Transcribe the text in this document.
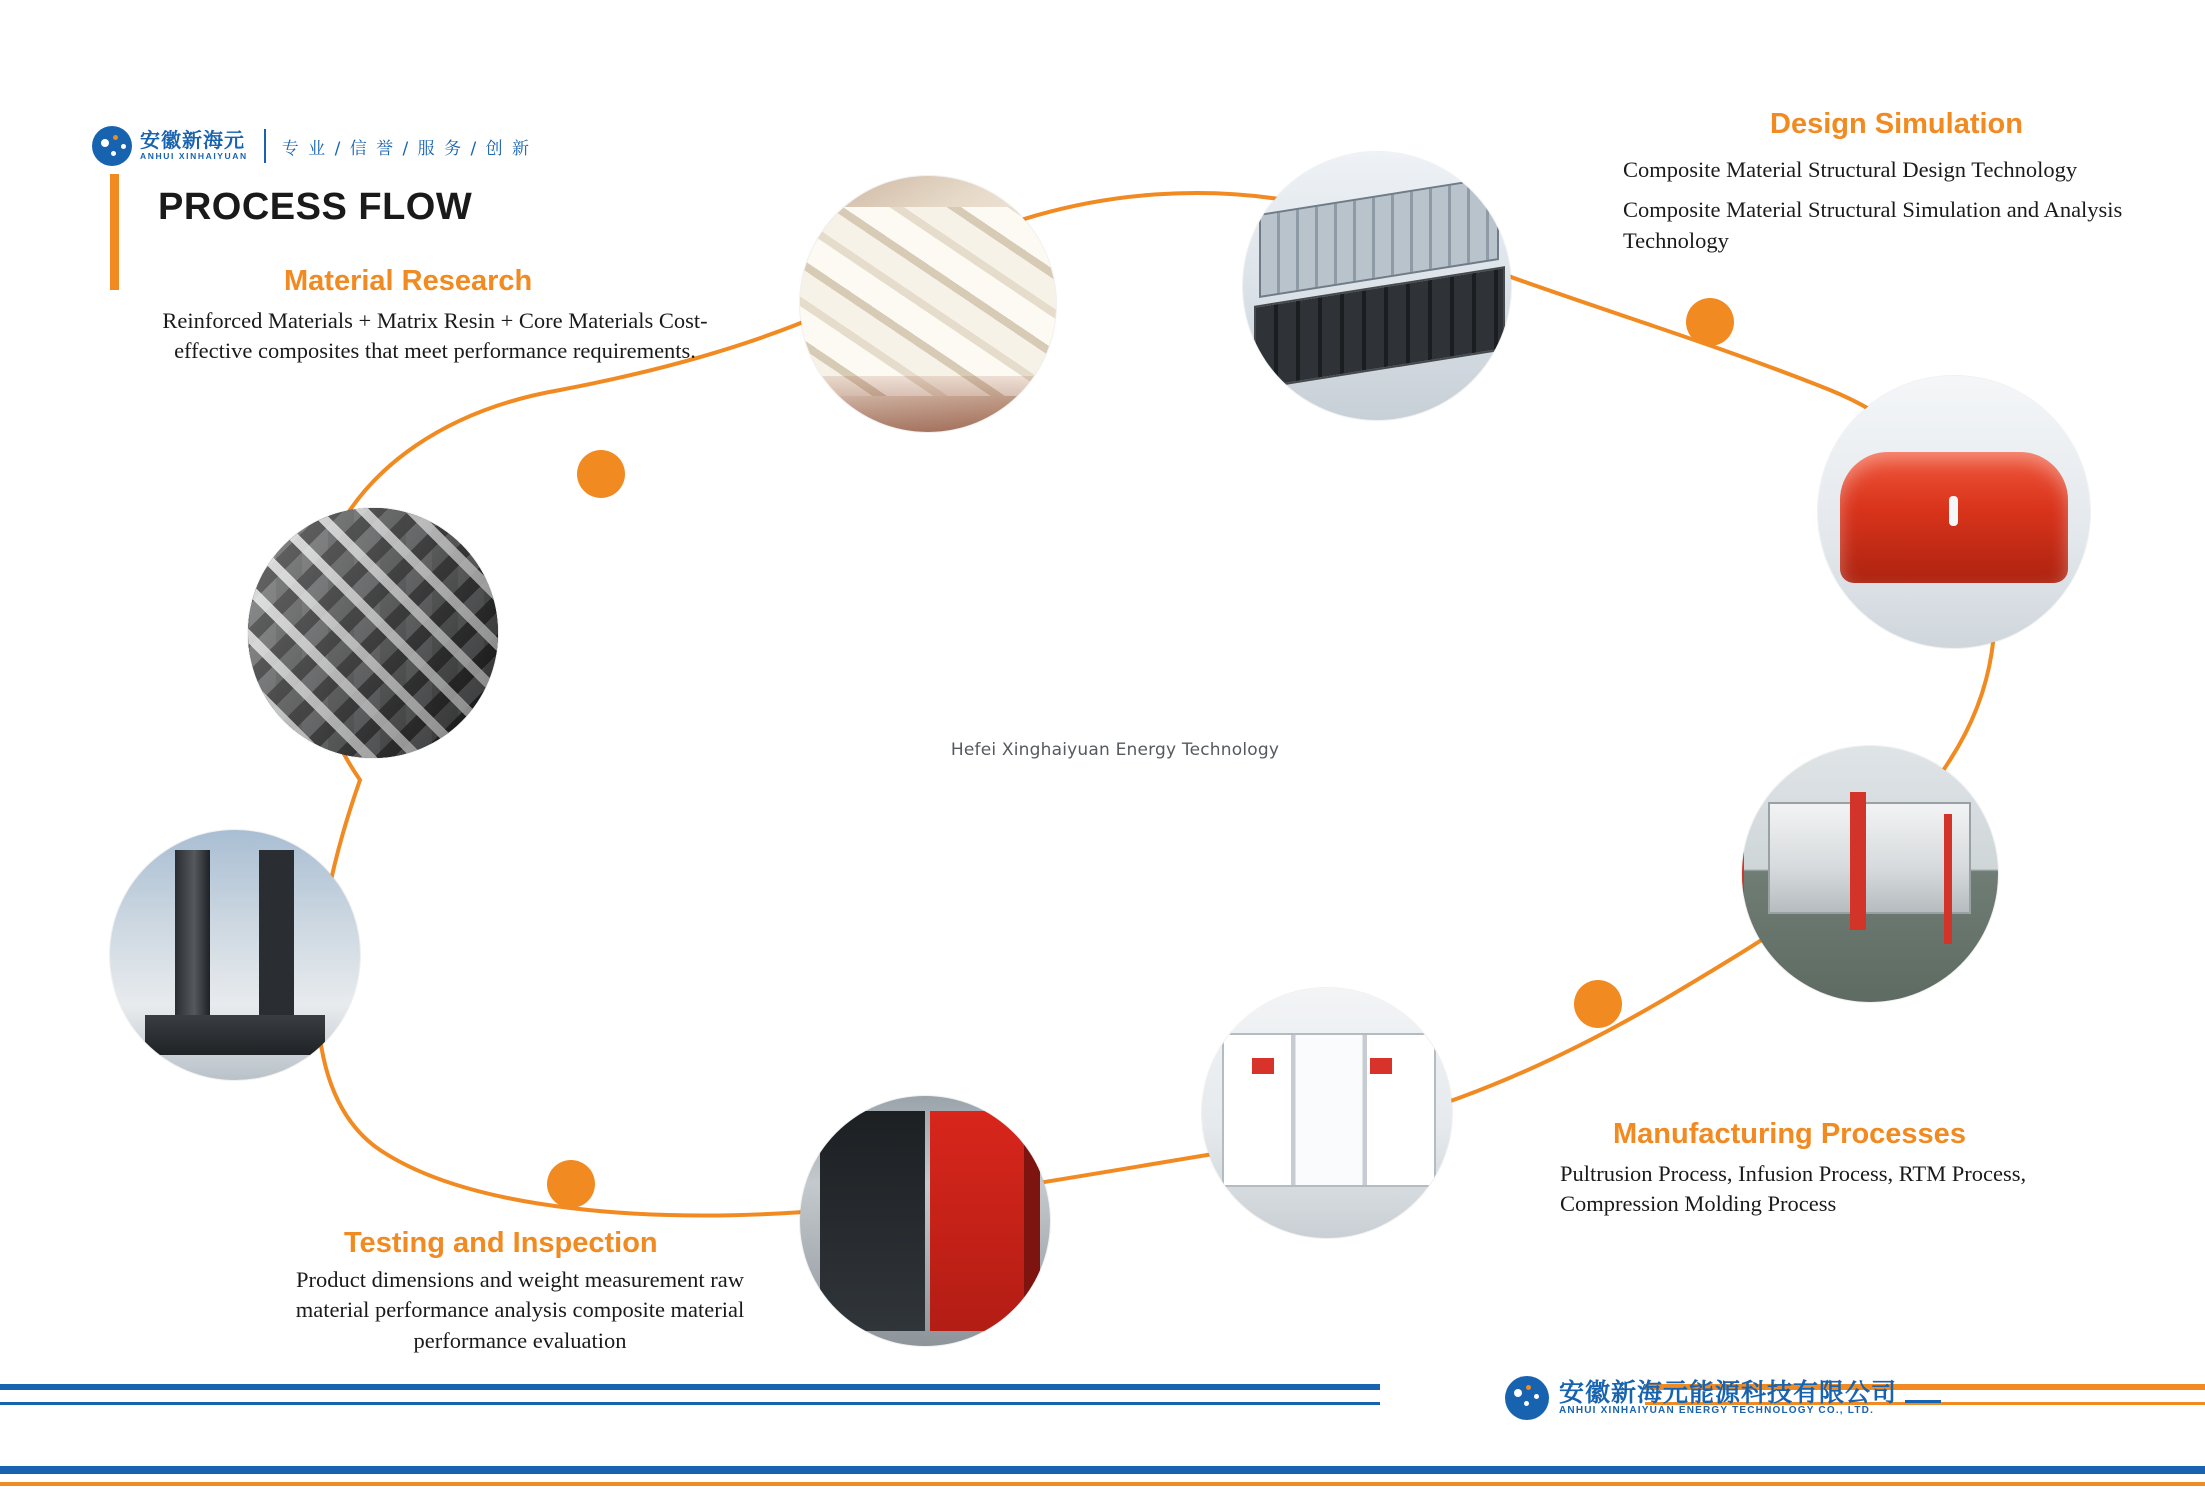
安徽新海元
ANHUI XINHAIYUAN 专 业 / 信 誉 / 服 务 / 创 新
PROCESS FLOW
Design Simulation
Composite Material Structural Design Technology
Composite Material Structural Simulation and Analysis
Technology
Material Research
Reinforced Materials + Matrix Resin + Core Materials Cost-effective composites that meet performance requirements.
Manufacturing Processes
Pultrusion Process, Infusion Process, RTM Process, Compression Molding Process
Testing and Inspection
Product dimensions and weight measurement raw material performance analysis composite material performance evaluation
Hefei Xinghaiyuan Energy Technology
安徽新海元能源科技有限公司
ANHUI XINHAIYUAN ENERGY TECHNOLOGY CO., LTD.
